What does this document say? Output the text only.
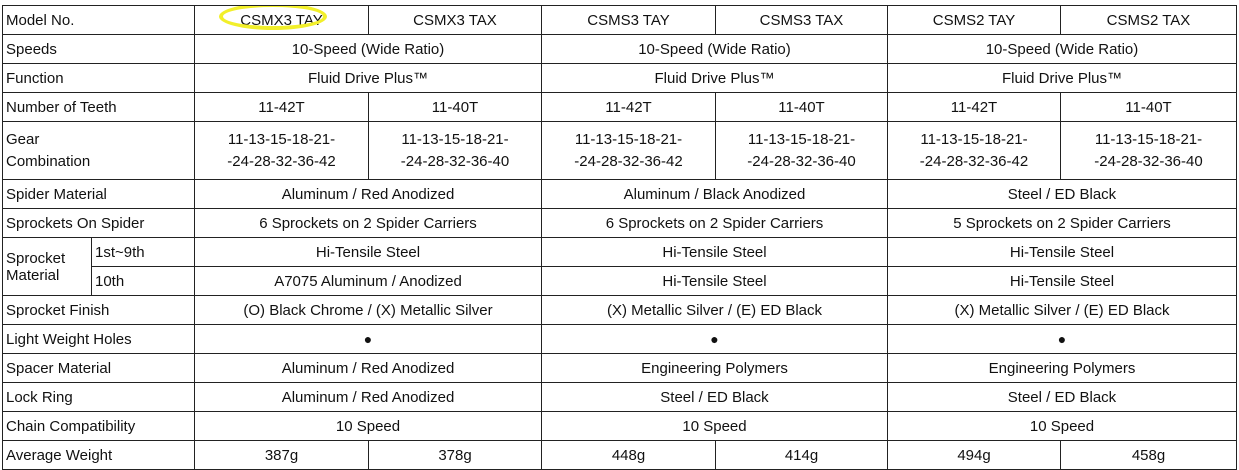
Model No.		CSMX3 TAY	CSMX3 TAX	CSMS3 TAY	CSMS3 TAX	CSMS2 TAY	CSMS2 TAX
Speeds		10-Speed (Wide Ratio)		10-Speed (Wide Ratio)		10-Speed (Wide Ratio)	
Function		Fluid Drive Plus™		Fluid Drive Plus™		Fluid Drive Plus™	
Number of Teeth		11-42T	11-40T	11-42T	11-40T	11-42T	11-40T
Gear
Combination		11-13-15-18-21-
-24-28-32-36-42	11-13-15-18-21-
-24-28-32-36-40	11-13-15-18-21-
-24-28-32-36-42	11-13-15-18-21-
-24-28-32-36-40	11-13-15-18-21-
-24-28-32-36-42	11-13-15-18-21-
-24-28-32-36-40
Spider Material		Aluminum / Red Anodized		Aluminum / Black Anodized		Steel / ED Black	
Sprockets On Spider		6 Sprockets on 2 Spider Carriers		6 Sprockets on 2 Spider Carriers		5 Sprockets on 2 Spider Carriers	
Sprocket
Material	1st~9th	Hi-Tensile Steel		Hi-Tensile Steel		Hi-Tensile Steel	
	10th	A7075 Aluminum / Anodized		Hi-Tensile Steel		Hi-Tensile Steel	
Sprocket Finish		(O) Black Chrome / (X) Metallic Silver		(X) Metallic Silver / (E) ED Black		(X) Metallic Silver / (E) ED Black	
Light Weight Holes		●		●		●	
Spacer Material		Aluminum / Red Anodized		Engineering Polymers		Engineering Polymers	
Lock Ring		Aluminum / Red Anodized		Steel / ED Black		Steel / ED Black	
Chain Compatibility		10 Speed		10 Speed		10 Speed	
Average Weight		387g	378g	448g	414g	494g	458g
